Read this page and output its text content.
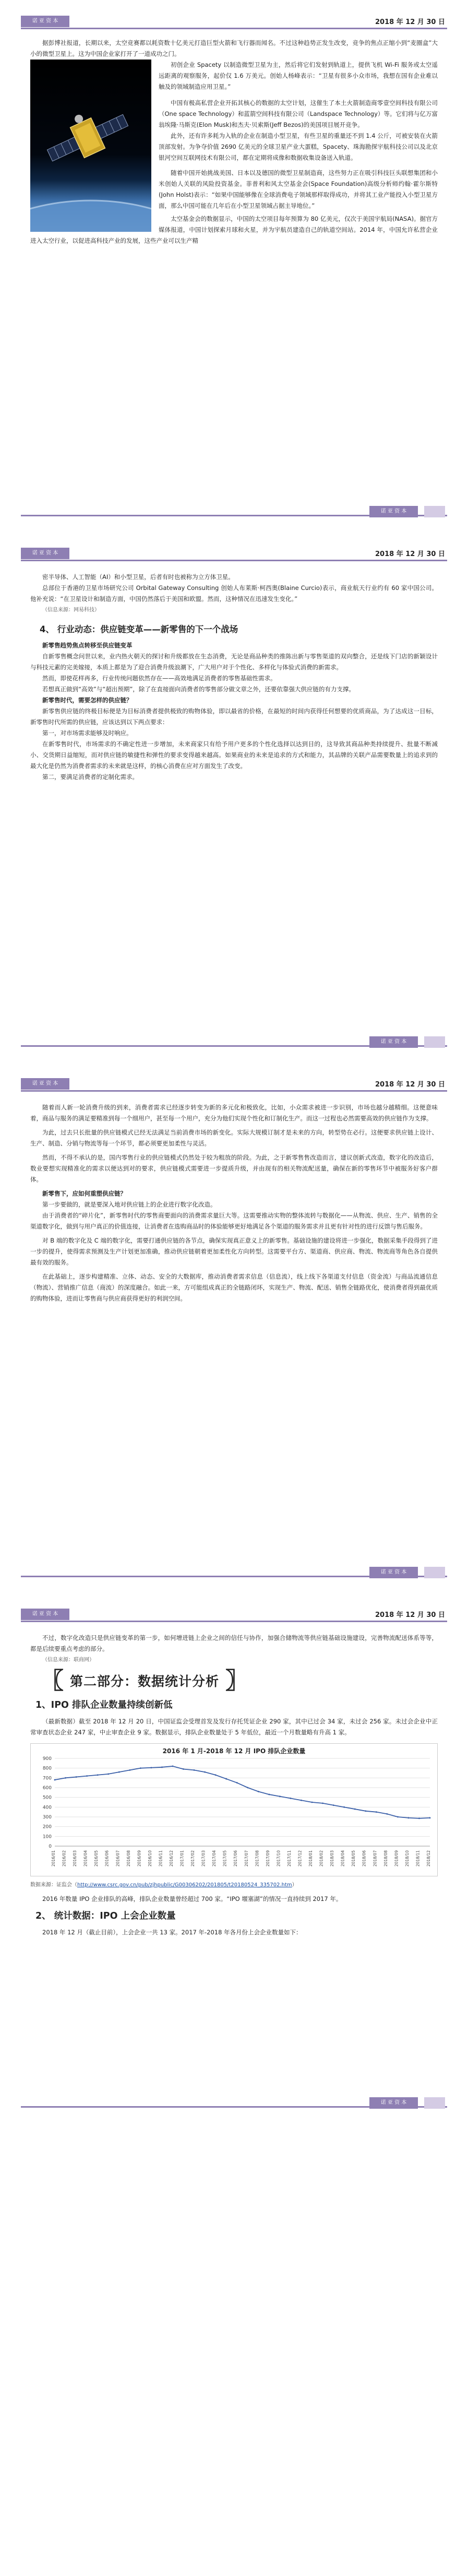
诺 亚 资 本	2018 年 12 月 30 日

据彭博社报道，长期以来，太空竞赛都以耗资数十亿美元打造巨型火箭和飞行器而闻名。不过这种趋势正发生改变，竞争的焦点正缩小到“麦圈盒”大小的微型卫星上。这为中国企业家打开了一道成功之门。

初创企业 Spacety 以制造微型卫星为主，然后将它们发射到轨道上，提供飞机 Wi-Fi 服务或太空遥远距离的观察服务，起价仅 1.6 万美元。创始人杨峰表示：“卫星有很多小众市场，我想在国有企业难以触及的领域制造应用卫星。”

中国有极高私营企业开拓其核心的数据的太空计划，这催生了本土火箭制造商零壹空间科技有限公司（One space Technology）和蓝箭空间科技有限公司（Landspace Technology）等。它们将与亿万富翁埃隆·马斯克(Elon Musk)和杰夫·贝索斯(Jeff Bezos)的美国项目展开竞争。

此外，还有许多耗为入轨的企业在制造小型卫星，有些卫星的重量还不到 1.4 公斤，可被安装在火箭顶部发射。为争夺价值 2690 亿美元的全球卫星产业大蛋糕，Spacety、珠海勘探宇航科技公司以及北京银河空间互联网技术有限公司，都在定期将成像和数据收集设备送入轨道。

随着中国开始挑战美国、日本以及德国的微型卫星制造商，这些努力正在吸引科技巨头联想集团和小米创始人关联的风险投资基金。菲普利和风太空基金会(Space Foundation)高级分析师约翰·霍尔斯特(John Holst)表示：“如果中国能够像在全球消费电子领域那样取得成功，并将其工业产能投入小型卫星方面，那么中国可能在几年后在小型卫星领域占据主导地位。”

太空基金会的数据显示，中国的太空项目每年预算为 80 亿美元，仅次于美国宇航局(NASA)。据官方媒体报道，中国计划探索月球和火星，并为宇航员建造自己的轨道空间站。2014 年，中国允许私营企业进入太空行业，以促进高科技产业的发展，这些产业可以生产精

诺 亚 资 本
诺 亚 资 本	2018 年 12 月 30 日

密半导体、人工智能（AI）和小型卫星，后者有时也被称为立方体卫星。

总部位于香港的卫星市场研究公司 Orbital Gateway Consulting 创始人布莱斯·柯西奥(Blaine Curcio)表示，商业航天行业约有 60 家中国公司。他补充说：“在卫星设计和制造方面，中国仍然落后于美国和欧盟。然而，这种情况在迅速发生变化。”

（信息来源：网易科技）

4、 行业动态：供应链变革——新零售的下一个战场

新零售趋势焦点转移至供应链变革

自新零售概念问世以来，业内热火朝天的探讨和升级都放在生态消费，无论是商品种类的推陈出新与零售渠道的双向整合，还是线下门店的新颖设计与科技元素的完美嫁接，本质上都是为了迎合消费升级浪潮下，广大用户对于个性化、多样化与体验式消费的新需求。

然而，即使花样再多，行业传统问题依然存在——高效地满足消费者的零售基础性需求。

若想真正做到“高效”与“超出预期”，除了在直接面向消费者的零售部分做文章之外，还要依靠强大供应链的有力支撑。

新零售时代，需要怎样的供应链？

新零售供应链的终极目标便是为目标消费者提供极致的购物体验，即以最省的价格，在最短的时间内获得任何想要的优质商品，为了达成这一目标，新零售时代所需的供应链，应该达到以下两点要求：

第一，对市场需求能够及时响应。

在新零售时代，市场需求的不确定性进一步增加，未来商家只有给予用户更多的个性化选择以达到目的，这导致其商品种类持续提升、批量不断减小、交货期日益缩短，而对供应链的敏捷性和弹性的要求变得越来越高。如果商业的未来是追求的方式和能力，其品牌的关联产品需要数量上的追求到的最大化是仍然为消费者需求的未来就是这样，的核心消费在应对方面发生了改变。

第二，要满足消费者的定制化需求。

诺 亚 资 本
诺 亚 资 本	2018 年 12 月 30 日

随着而人新一轮消费升级的到来，消费者需求已经逐步转变为新的多元化和极致化，比如，小众需求被进一步识别，市场也越分越精细。这便意味着，商品与服务的满足要精准到每一个细用户，甚至每一个用户，充分为他们实现个性化和订制化生产。而这一过程也必然需要高效的供应链作为支撑。

为此，过去只长批量的供应链模式已经无法满足当前消费市场的新变化。实际大规模订制才是未来的方向，转型势在必行。这便要求供应链上设计、生产、制造、分销与物流等每一个环节，都必须要更加柔性与灵活。

然而，不得不承认的是，国内零售行业的供应链模式仍然处于较为粗放的阶段。为此，之于新零售售改造而言，建议创新式改造，数字化的改造后，数业要想实现精准化的需求以便达到对的要求，供应链模式需要进一步提质升级，并由现有的相关物流配送量，确保在新的零售环节中被服务好客户群体。

新零售下，应如何重塑供应链？

第一步要做的，就是要深入地对供应链上的企业进行数字化改造。

由于消费者的“碎片化”，新零售时代的零售商要面向的消费需求量巨大等。这需要推动实物的整体流转与数据化——从物流、供应、生产、销售的全渠道数字化，做到与用户真正的价值连接，让消费者在选购商品时的体验能够更好地满足各个渠道的服务需求并且更有针对性的进行反馈与售后服务。

对 B 端的数字化及 C 端的数字化，需要打通供应链的各节点，确保实现真正意义上的新零售。基础设施的建设将进一步强化，数据采集手段得到了进一步的提升，使得需求预测及生产计划更加准确，推动供应链朝着更加柔性化方向转型。这需要平台方、渠道商、供应商、物流、物流商等角色各自提供最有效的服务。

在此基础上，逐步构建精准、立体、动态、安全的大数据库，推动消费者需求信息（信息流），线上线下各渠道支付信息（资金流）与商品流通信息（物流）、营销推广信息（商流）的深度融合。如此一来，方可能组成真正的全链路闭环，实现生产、物流、配送、销售全链路优化，使消费者得到最优质的购物体验，进而让零售商与供应商获得更好的利润空间。

诺 亚 资 本
诺 亚 资 本	2018 年 12 月 30 日

不过，数字化改造只是供应链变革的第一步，如何增进链上企业之间的信任与协作，加强合储物流等供应链基础设施建设，完善物流配送体系等等，都是后续要重点考虑的部分。

（信息来源：联商网）

〖 第二部分：数据统计分析 〗
1、IPO 排队企业数量持续创新低

（最新数据）截至 2018 年 12 月 20 日，中国证监会受理首发及发行存托凭证企业 290 家，其中已过会 34 家，未过会 256 家。未过会企业中正常审查状态企业 247 家，中止审查企业 9 家。数据显示，排队企业数量处于 5 年低位，最近一个月数量略有升高 1 家。

2016 年 1 月-2018 年 12 月 IPO 排队企业数量
0
100
200
300
400
500
600
700
800
900
2016/01 2016/02 2016/03 2016/04 2016/05 2016/06 2016/07 2016/08 2016/09 2016/10 2016/11 2016/12 2017/01 2017/02 2017/03 2017/04 2017/05 2017/06 2017/07 2017/08 2017/09 2017/10 2017/11 2017/12 2018/01 2018/02 2018/03 2018/04 2018/05 2018/06 2018/07 2018/08 2018/09 2018/10 2018/11 2018/12

数据来源：证监会（http://www.csrc.gov.cn/pub/zjhpublic/G00306202/201805/t20180524_335702.htm）

2016 年数量 IPO 企业排队的高峰，排队企业数量曾经超过 700 家。“IPO 堰塞湖”的情况一直持续到 2017 年。

2、 统计数据：IPO 上会企业数量

2018 年 12 月（截止目前），上会企业一共 13 家。2017 年-2018 年各月份上会企业数量如下：

诺 亚 资 本
